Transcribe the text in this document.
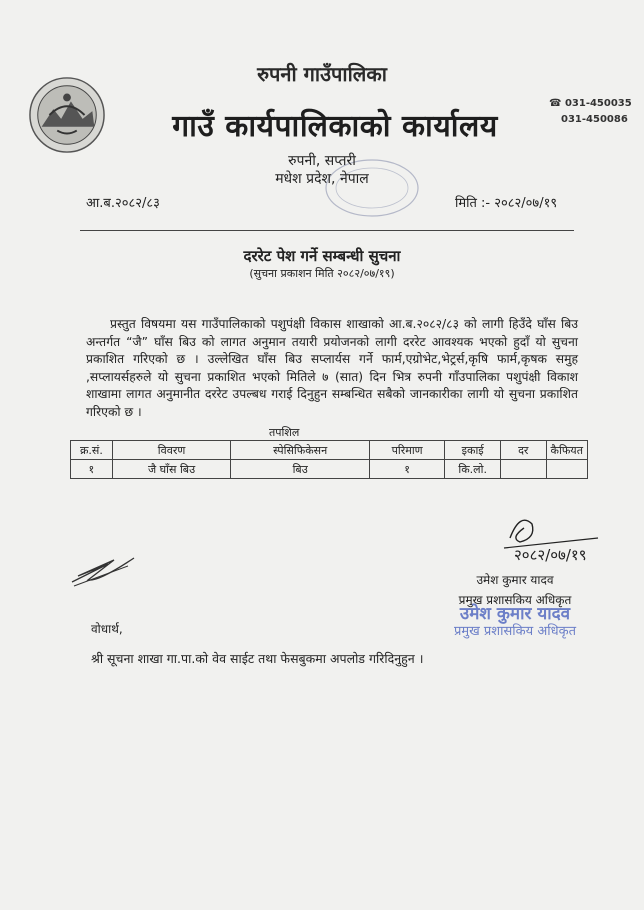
रुपनी गाउँपालिका
गाउँ कार्यपालिकाको कार्यालय
☎ 031-450035
031-450086
रुपनी, सप्तरी
मधेश प्रदेश, नेपाल
आ.ब.२०८२/८३	मिति :- २०८२/०७/१९
दररेट पेश गर्ने सम्बन्धी सुचना
(सुचना प्रकाशन मिति २०८२/०७/१९)
प्रस्तुत विषयमा यस गाउँपालिकाको पशुपंक्षी विकास शाखाको आ.ब.२०८२/८३ को लागी हिउँदे घाँस बिउ अन्तर्गत “जै” घाँस बिउ को लागत अनुमान तयारी प्रयोजनको लागी दररेट आवश्यक भएको हुदाँ यो सुचना प्रकाशित गरिएको छ । उल्लेखित घाँस बिउ सप्लार्यस गर्ने फार्म,एग्रोभेट,भेट्रर्स,कृषि फार्म,कृषक समुह ,सप्लायर्सहरुले यो सुचना प्रकाशित भएको मितिले ७ (सात) दिन भित्र रुपनी गाँउपालिका पशुपंक्षी विकाश शाखामा लागत अनुमानीत दररेट उपल्बध गराई दिनुहुन सम्बन्धित सबैको जानकारीका लागी यो सुचना प्रकाशित गरिएको छ ।
तपशिल
क्र.सं.	विवरण	स्पेसिफिकेसन	परिमाण	इकाई	दर	कैफियत
१	जै घाँस बिउ	बिउ	१	कि.लो.		
२०८२/०७/१९
उमेश कुमार यादव
प्रमुख प्रशासकिय अधिकृत
उमेश कुमार यादव
प्रमुख प्रशासकिय अधिकृत
वोधार्थ,
श्री सूचना शाखा गा.पा.को वेव साईट तथा फेसबुकमा अपलोड गरिदिनुहुन ।
